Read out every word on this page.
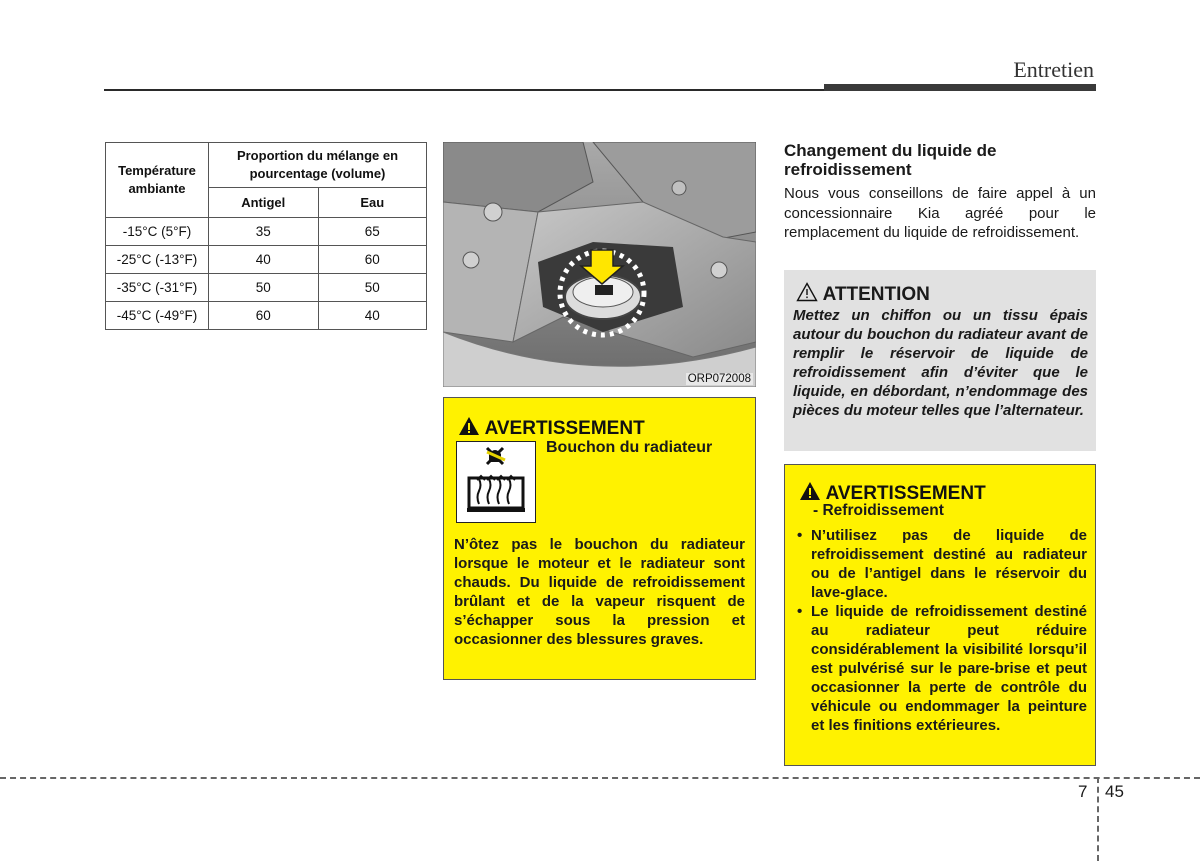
Entretien
Température ambiante	Proportion du mélange en pourcentage (volume)	
	Antigel	Eau
-15°C (5°F)	35	65
-25°C (-13°F)	40	60
-35°C (-31°F)	50	50
-45°C (-49°F)	60	40
ORP072008
AVERTISSEMENT
Bouchon du radiateur
N’ôtez pas le bouchon du radiateur lorsque le moteur et le radiateur sont chauds. Du liquide de refroidissement brûlant et de la vapeur risquent de s’échapper sous la pression et occasionner des blessures graves.
Changement du liquide de refroidissement
Nous vous conseillons de faire appel à un concessionnaire Kia agréé pour le remplacement du liquide de refroidissement.
ATTENTION
Mettez un chiffon ou un tissu épais autour du bouchon du radiateur avant de remplir le réservoir de liquide de refroidissement afin d’éviter que le liquide, en débordant, n’endommage des pièces du moteur telles que l’alternateur.
AVERTISSEMENT
- Refroidissement
• N’utilisez pas de liquide de refroidissement destiné au radiateur ou de l’antigel dans le réservoir du lave-glace.
• Le liquide de refroidissement destiné au radiateur peut réduire considérablement la visibilité lorsqu’il est pulvérisé sur le pare-brise et peut occasionner la perte de contrôle du véhicule ou endommager la peinture et les finitions extérieures.
7 45
